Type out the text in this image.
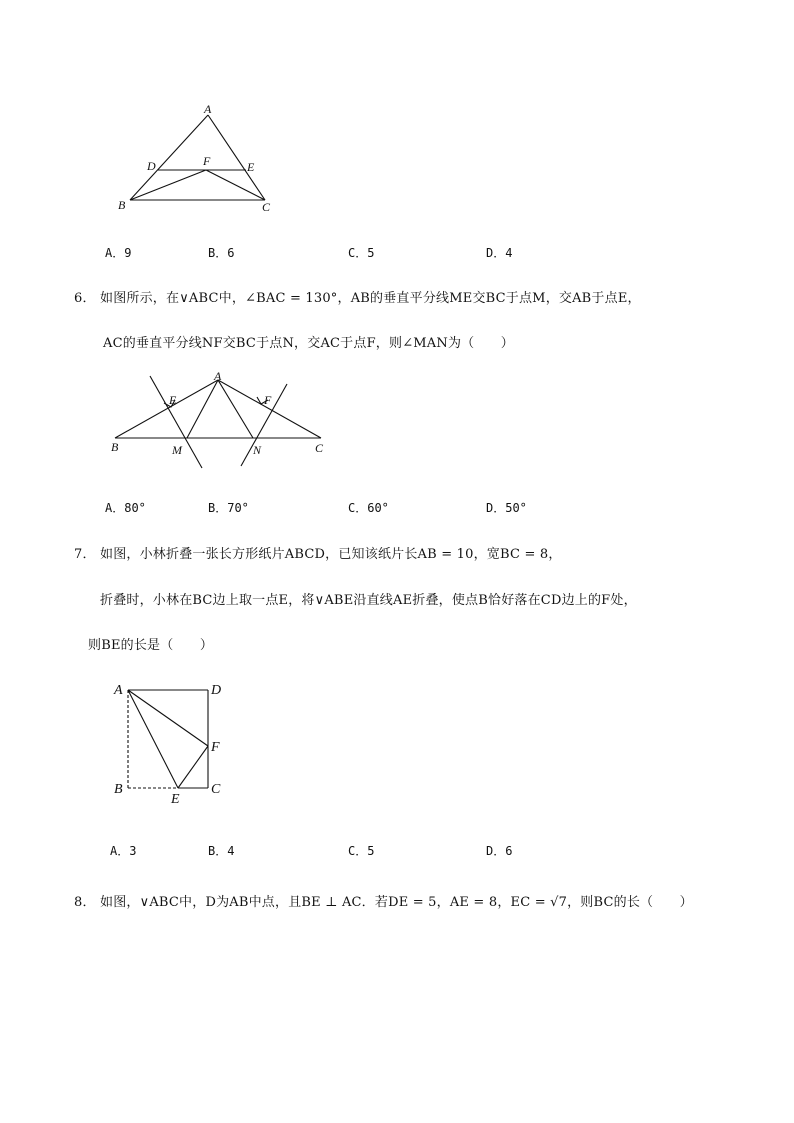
A
D	F	E
B	C
A．9	B．6	C．5	D．4
6． 如图所示，在∨ABC中，∠BAC = 130°，AB的垂直平分线ME交BC于点M，交AB于点E，
AC的垂直平分线NF交BC于点N，交AC于点F，则∠MAN为（　　）
A
E	F
B	M	N	C
A．80°	B．70°	C．60°	D．50°
7． 如图，小林折叠一张长方形纸片ABCD，已知该纸片长AB = 10，宽BC = 8，
折叠时，小林在BC边上取一点E，将∨ABE沿直线AE折叠，使点B恰好落在CD边上的F处，
则BE的长是（　　）
A	D
F
B
E
C
A．3	B．4	C．5	D．6
8． 如图，∨ABC中，D为AB中点，且BE ⊥ AC．若DE = 5，AE = 8，EC = √7，则BC的长（　　）
